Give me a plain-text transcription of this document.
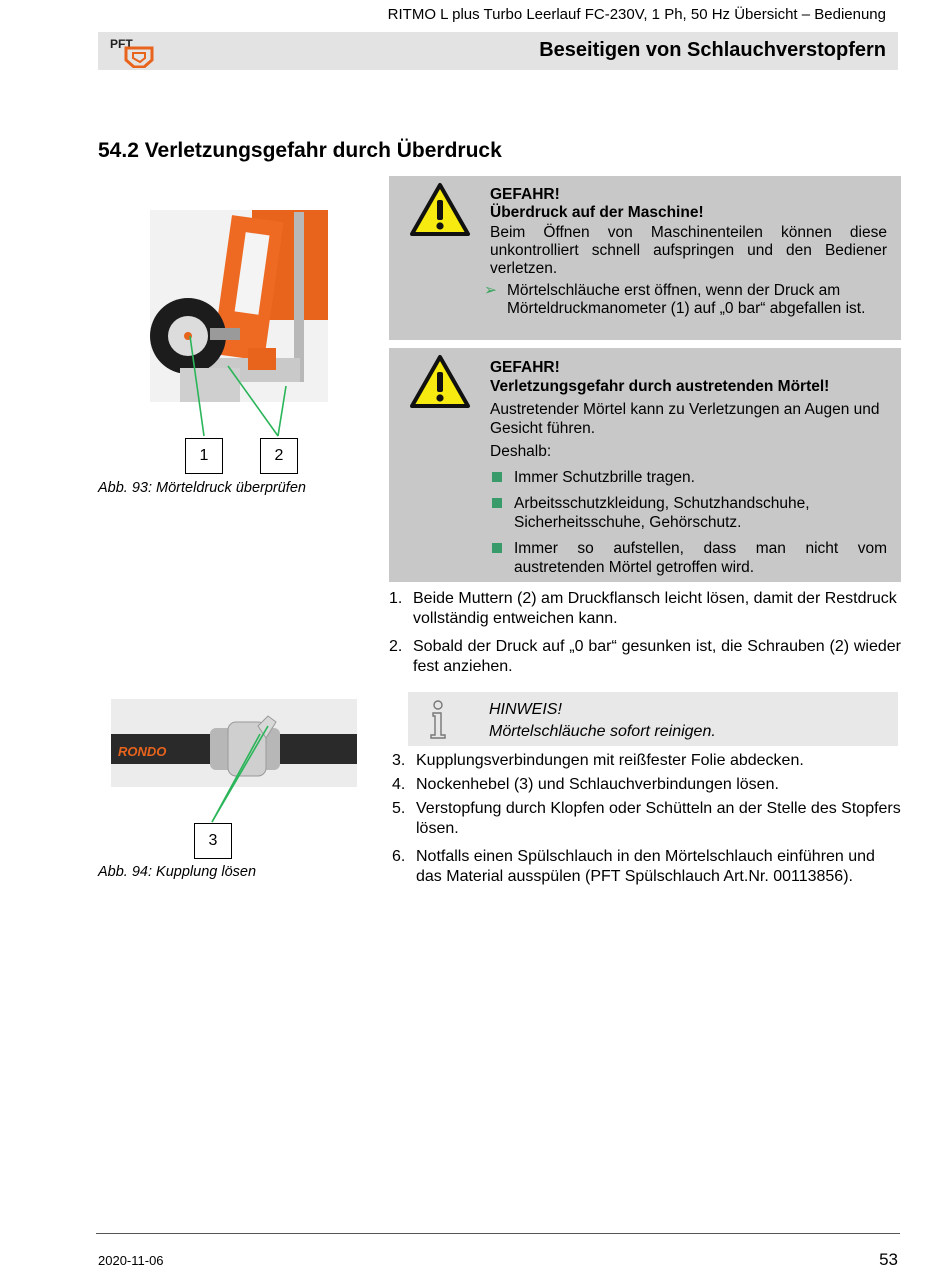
RITMO L plus Turbo Leerlauf FC-230V, 1 Ph, 50 Hz Übersicht – Bedienung
PFT	Beseitigen von Schlauchverstopfern
54.2 Verletzungsgefahr durch Überdruck
1	2
Abb. 93: Mörteldruck überprüfen
GEFAHR!
Überdruck auf der Maschine!
Beim Öffnen von Maschinenteilen können diese unkontrolliert schnell aufspringen und den Bediener verletzen.
➢ Mörtelschläuche erst öffnen, wenn der Druck am Mörteldruckmanometer (1) auf „0 bar“ abgefallen ist.
GEFAHR!
Verletzungsgefahr durch austretenden Mörtel!
Austretender Mörtel kann zu Verletzungen an Augen und Gesicht führen.
Deshalb:
Immer Schutzbrille tragen.
Arbeitsschutzkleidung, Schutzhandschuhe, Sicherheitsschuhe, Gehörschutz.
Immer so aufstellen, dass man nicht vom austretenden Mörtel getroffen wird.
1. Beide Muttern (2) am Druckflansch leicht lösen, damit der Restdruck vollständig entweichen kann.
2. Sobald der Druck auf „0 bar“ gesunken ist, die Schrauben (2) wieder fest anziehen.
RONDO
3
Abb. 94: Kupplung lösen
HINWEIS!
Mörtelschläuche sofort reinigen.
3. Kupplungsverbindungen mit reißfester Folie abdecken.
4. Nockenhebel (3) und Schlauchverbindungen lösen.
5. Verstopfung durch Klopfen oder Schütteln an der Stelle des Stopfers lösen.
6. Notfalls einen Spülschlauch in den Mörtelschlauch einführen und das Material ausspülen (PFT Spülschlauch Art.Nr. 00113856).
2020-11-06	53
